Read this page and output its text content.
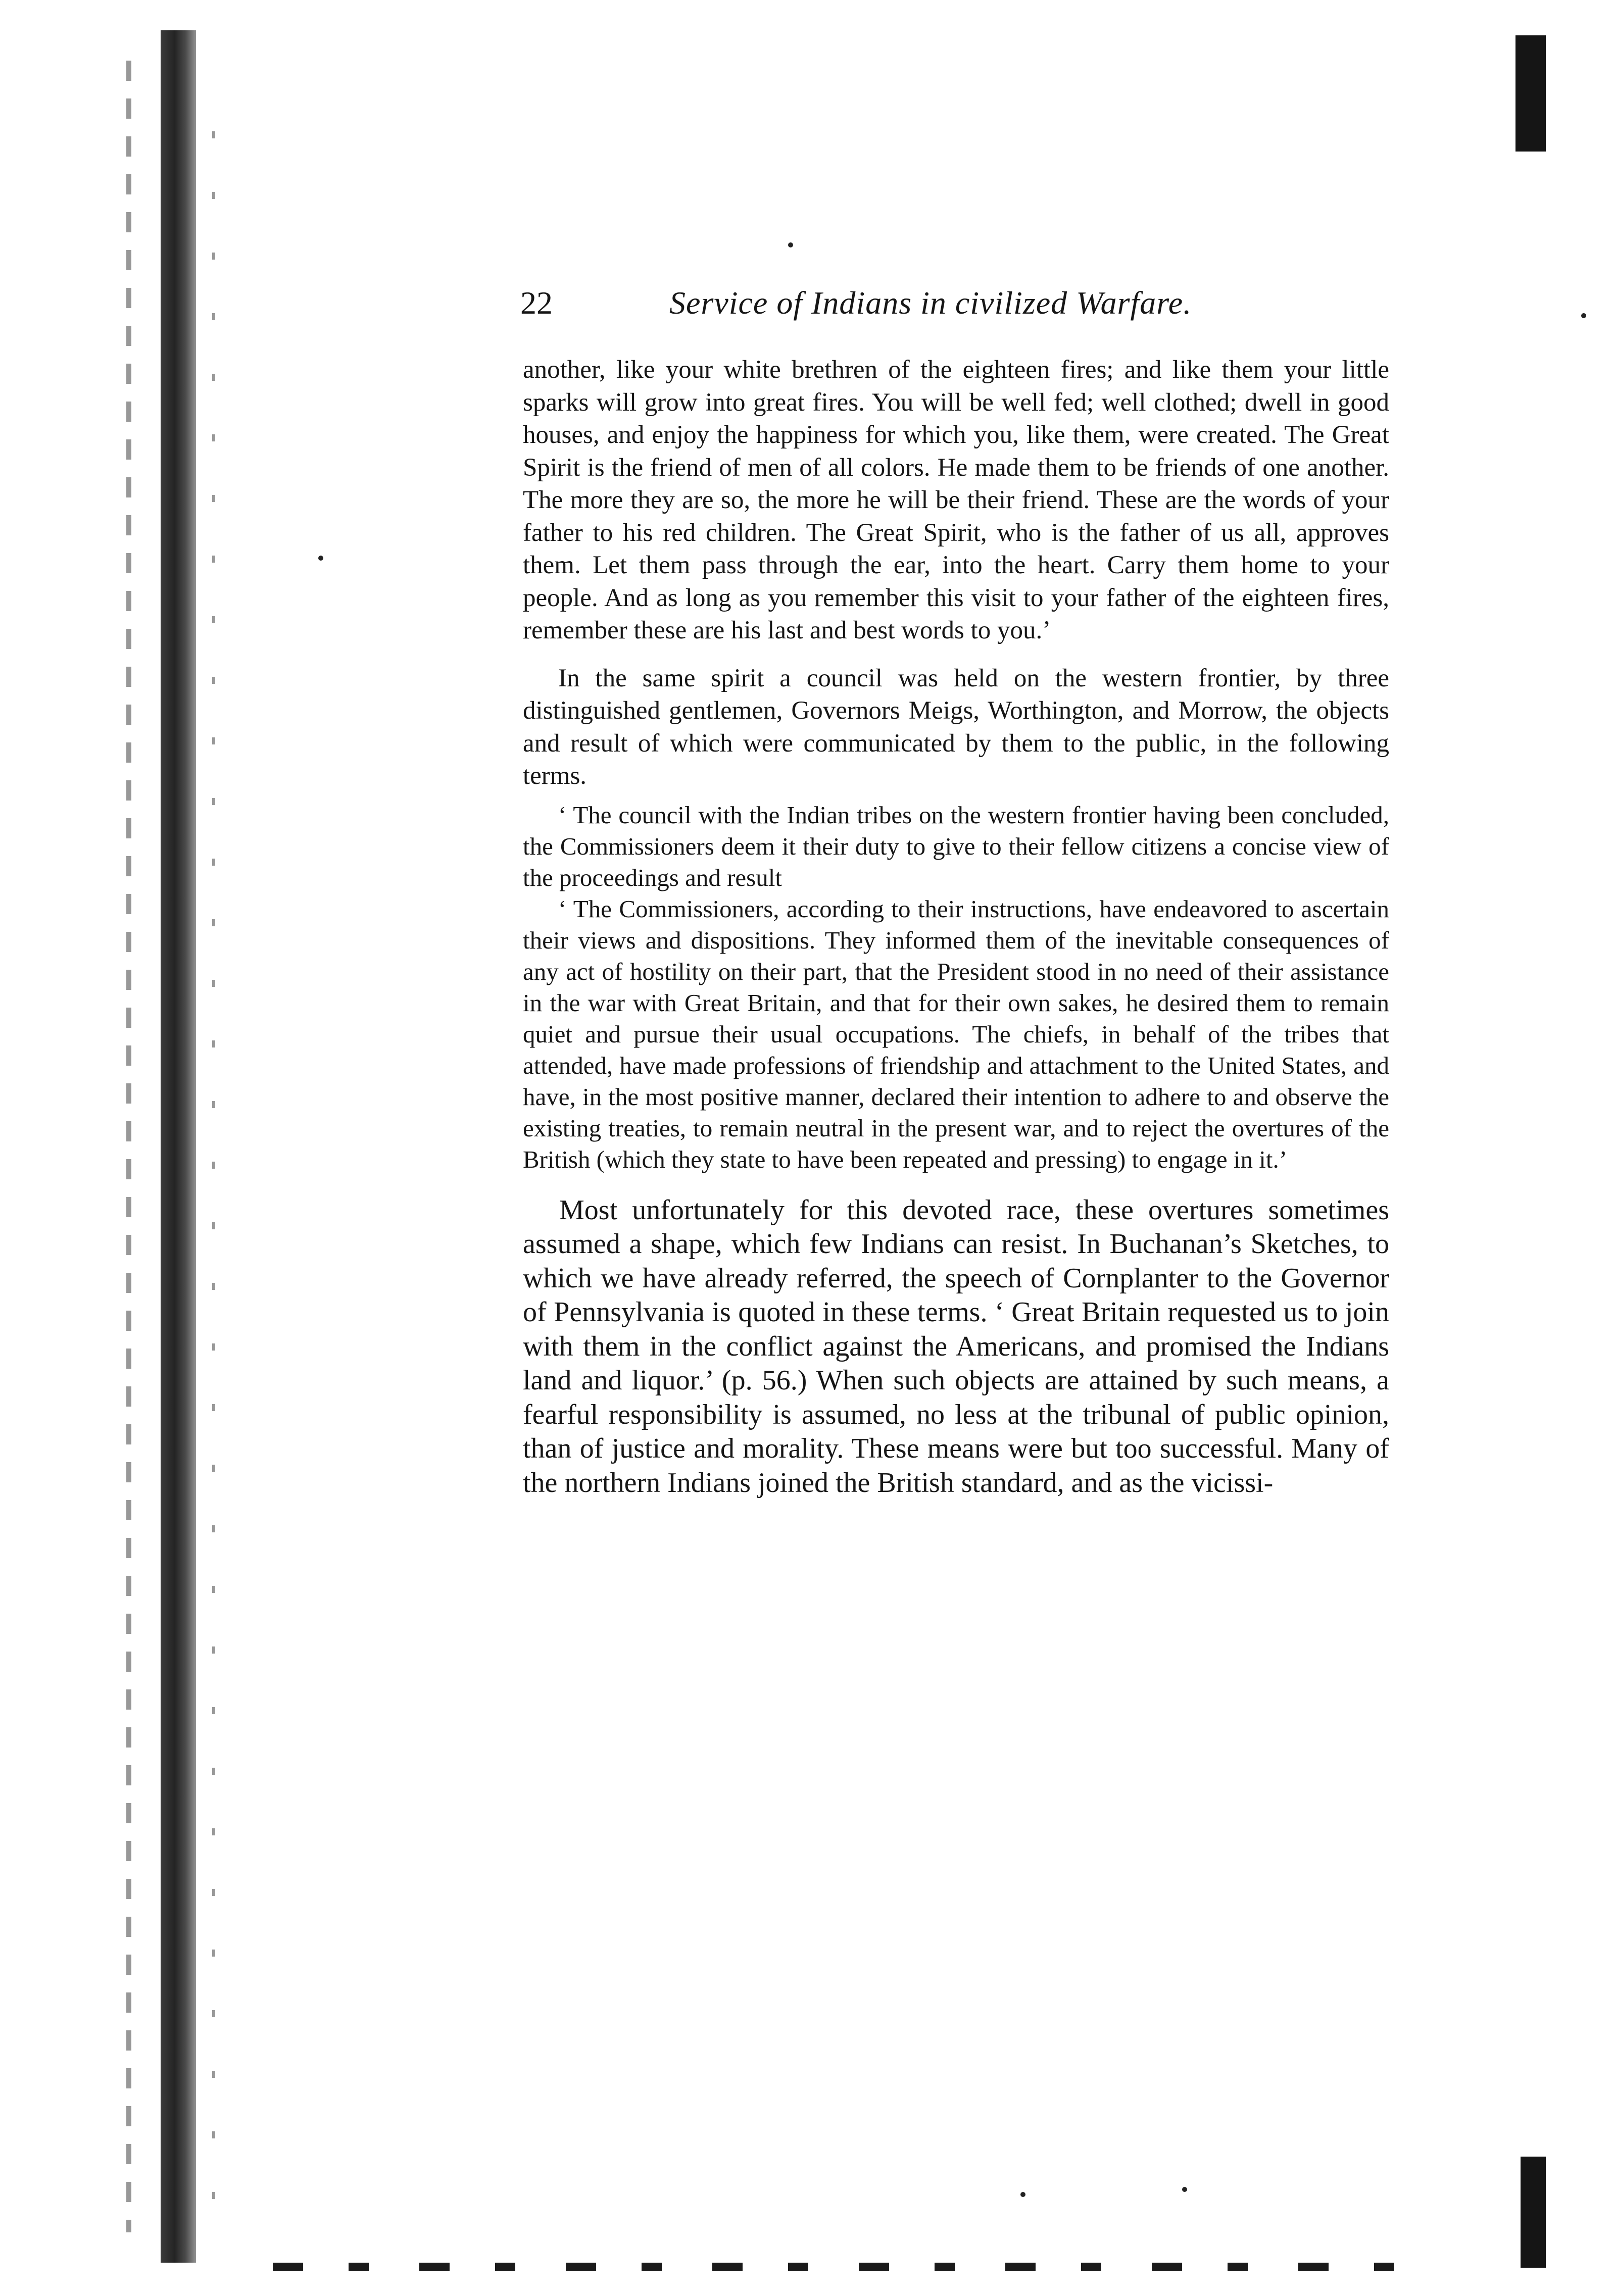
22	Service of Indians in civilized Warfare.

another, like your white brethren of the eighteen fires; and like them your little sparks will grow into great fires. You will be well fed; well clothed; dwell in good houses, and enjoy the happiness for which you, like them, were created. The Great Spirit is the friend of men of all colors. He made them to be friends of one another. The more they are so, the more he will be their friend. These are the words of your father to his red children. The Great Spirit, who is the father of us all, approves them. Let them pass through the ear, into the heart. Carry them home to your people. And as long as you remember this visit to your father of the eighteen fires, remember these are his last and best words to you.’

In the same spirit a council was held on the western frontier, by three distinguished gentlemen, Governors Meigs, Worthington, and Morrow, the objects and result of which were communicated by them to the public, in the following terms.

‘ The council with the Indian tribes on the western frontier having been concluded, the Commissioners deem it their duty to give to their fellow citizens a concise view of the proceedings and result

‘ The Commissioners, according to their instructions, have endeavored to ascertain their views and dispositions. They informed them of the inevitable consequences of any act of hostility on their part, that the President stood in no need of their assistance in the war with Great Britain, and that for their own sakes, he desired them to remain quiet and pursue their usual occupations. The chiefs, in behalf of the tribes that attended, have made professions of friendship and attachment to the United States, and have, in the most positive manner, declared their intention to adhere to and observe the existing treaties, to remain neutral in the present war, and to reject the overtures of the British (which they state to have been repeated and pressing) to engage in it.’

Most unfortunately for this devoted race, these overtures sometimes assumed a shape, which few Indians can resist. In Buchanan’s Sketches, to which we have already referred, the speech of Cornplanter to the Governor of Pennsylvania is quoted in these terms. ‘ Great Britain requested us to join with them in the conflict against the Americans, and promised the Indians land and liquor.’ (p. 56.) When such objects are attained by such means, a fearful responsibility is assumed, no less at the tribunal of public opinion, than of justice and morality. These means were but too successful. Many of the northern Indians joined the British standard, and as the vicissi-
